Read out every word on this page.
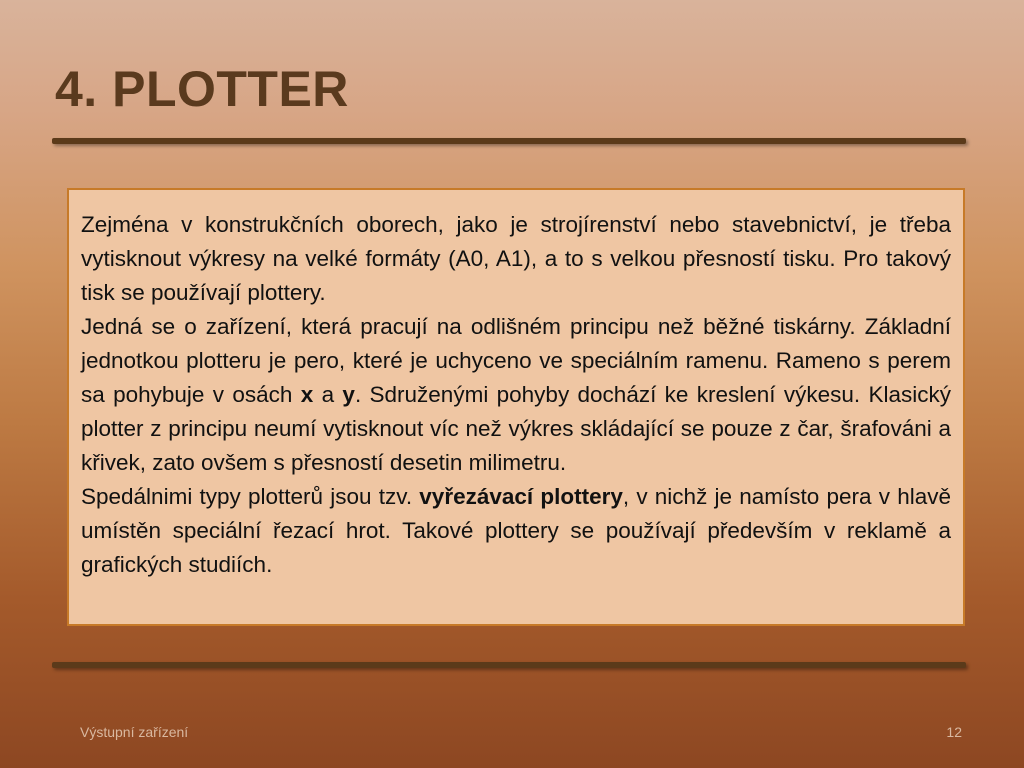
4. PLOTTER

Zejména v konstrukčních oborech, jako je strojírenství nebo stavebnictví, je třeba vytisknout výkresy na velké formáty (A0, A1), a to s velkou přesností tisku. Pro takový tisk se používají plottery.

Jedná se o zařízení, která pracují na odlišném principu než běžné tiskárny. Základní jednotkou plotteru je pero, které je uchyceno ve speciálním ramenu. Rameno s perem sa pohybuje v osách x a y. Sdruženými pohyby dochází ke kreslení výkesu. Klasický plotter z principu neumí vytisknout víc než výkres skládající se pouze z čar, šrafováni a křivek, zato ovšem s přesností desetin milimetru.

Spedálnimi typy plotterů jsou tzv. vyřezávací plottery, v nichž je namísto pera v hlavě umístěn speciální řezací hrot. Takové plottery se používají především v reklamě a grafických studiích.

Výstupní zařízení	12
